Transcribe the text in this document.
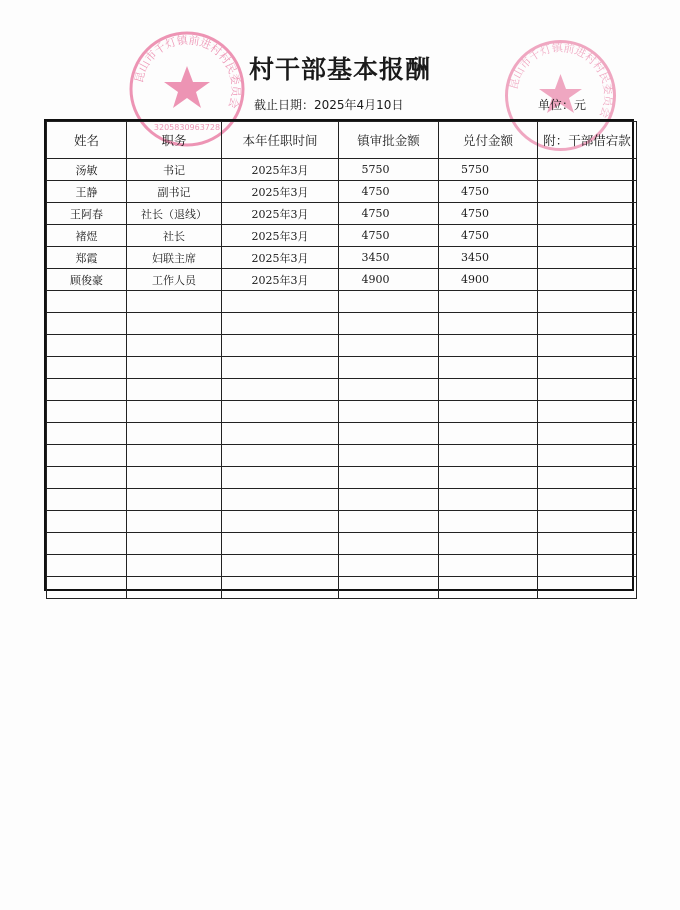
昆山市千灯镇前进村村民委员会
3205830963728
昆山市千灯镇前进村村民委员会
村干部基本报酬
截止日期：2025年4月10日	单位：元
姓名	职务	本年任职时间	镇审批金额	兑付金额	附：干部借宕款
汤敏	书记	2025年3月	5750	5750	
王静	副书记	2025年3月	4750	4750	
王阿春	社长（退线）	2025年3月	4750	4750	
褚煜	社长	2025年3月	4750	4750	
郑霞	妇联主席	2025年3月	3450	3450	
顾俊豪	工作人员	2025年3月	4900	4900	
